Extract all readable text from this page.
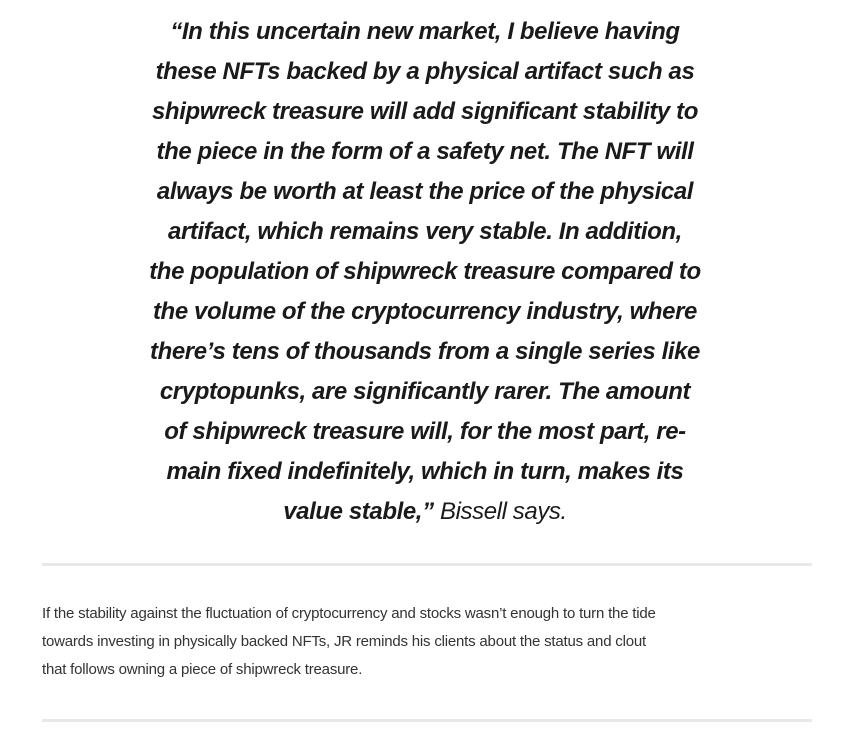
“In this uncertain new market, I believe having
these NFTs backed by a physical artifact such as
shipwreck treasure will add significant stability to
the piece in the form of a safety net. The NFT will
always be worth at least the price of the physical
artifact, which remains very stable. In addition,
the population of shipwreck treasure compared to
the volume of the cryptocurrency industry, where
there’s tens of thousands from a single series like
cryptopunks, are significantly rarer. The amount
of shipwreck treasure will, for the most part, re-
main fixed indefinitely, which in turn, makes its
value stable,” Bissell says.

If the stability against the fluctuation of cryptocurrency and stocks wasn’t enough to turn the tide
towards investing in physically backed NFTs, JR reminds his clients about the status and clout
that follows owning a piece of shipwreck treasure.
